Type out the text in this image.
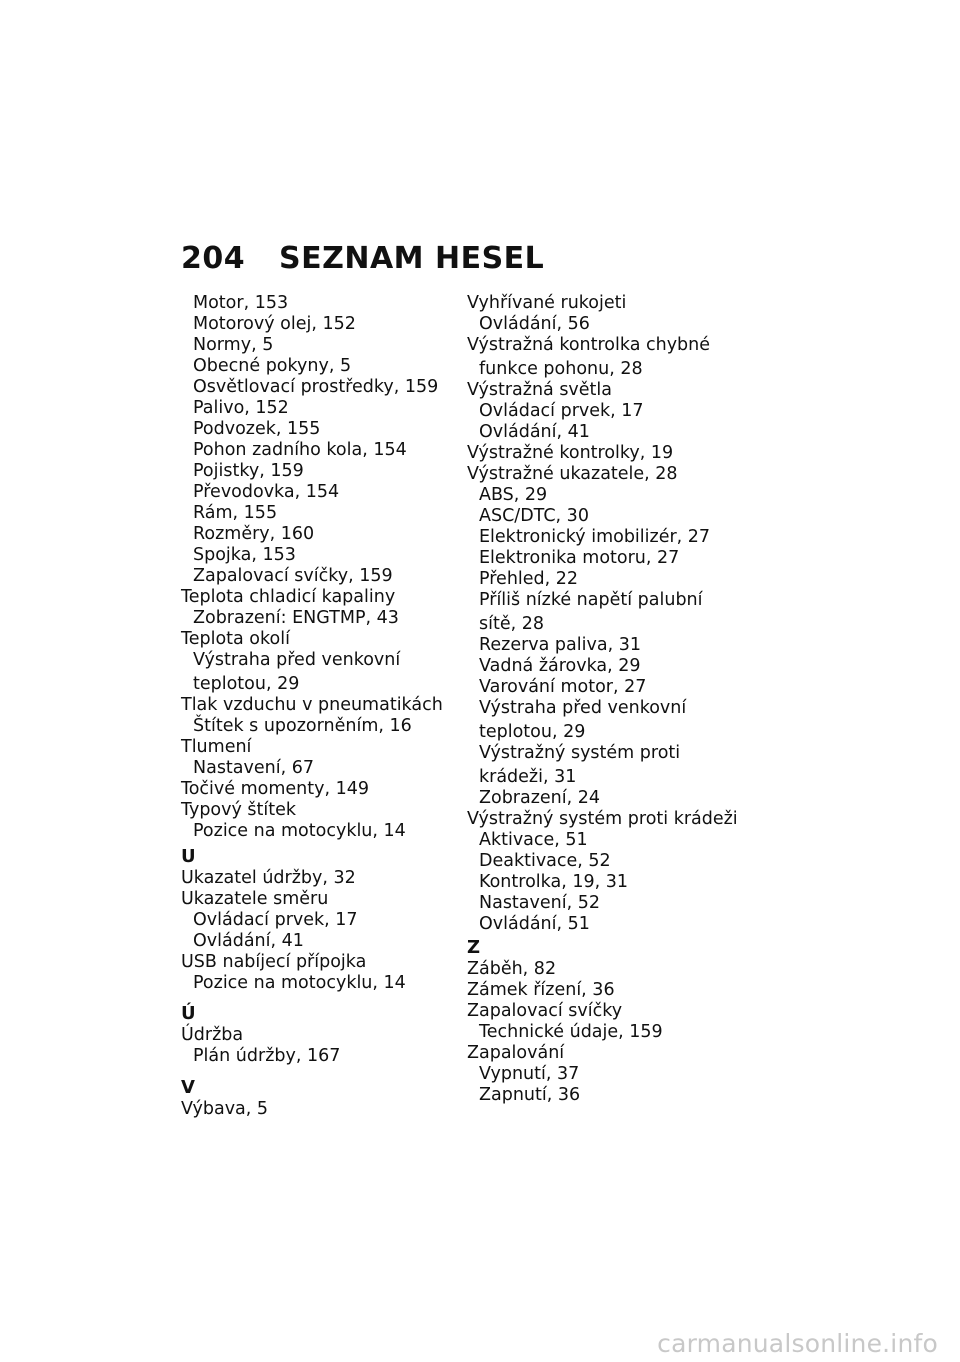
204 SEZNAM HESEL
Motor, 153
Motorový olej, 152
Normy, 5
Obecné pokyny, 5
Osvětlovací prostředky, 159
Palivo, 152
Podvozek, 155
Pohon zadního kola, 154
Pojistky, 159
Převodovka, 154
Rám, 155
Rozměry, 160
Spojka, 153
Zapalovací svíčky, 159
Teplota chladicí kapaliny
Zobrazení: ENGTMP, 43
Teplota okolí
Výstraha před venkovní
teplotou, 29
Tlak vzduchu v pneumatikách
Štítek s upozorněním, 16
Tlumení
Nastavení, 67
Točivé momenty, 149
Typový štítek
Pozice na motocyklu, 14
U
Ukazatel údržby, 32
Ukazatele směru
Ovládací prvek, 17
Ovládání, 41
USB nabíjecí přípojka
Pozice na motocyklu, 14
Ú
Údržba
Plán údržby, 167
V
Výbava, 5
Vyhřívané rukojeti
Ovládání, 56
Výstražná kontrolka chybné
funkce pohonu, 28
Výstražná světla
Ovládací prvek, 17
Ovládání, 41
Výstražné kontrolky, 19
Výstražné ukazatele, 28
ABS, 29
ASC/DTC, 30
Elektronický imobilizér, 27
Elektronika motoru, 27
Přehled, 22
Příliš nízké napětí palubní
sítě, 28
Rezerva paliva, 31
Vadná žárovka, 29
Varování motor, 27
Výstraha před venkovní
teplotou, 29
Výstražný systém proti
krádeži, 31
Zobrazení, 24
Výstražný systém proti krádeži
Aktivace, 51
Deaktivace, 52
Kontrolka, 19, 31
Nastavení, 52
Ovládání, 51
Z
Záběh, 82
Zámek řízení, 36
Zapalovací svíčky
Technické údaje, 159
Zapalování
Vypnutí, 37
Zapnutí, 36
carmanualsonline.info
